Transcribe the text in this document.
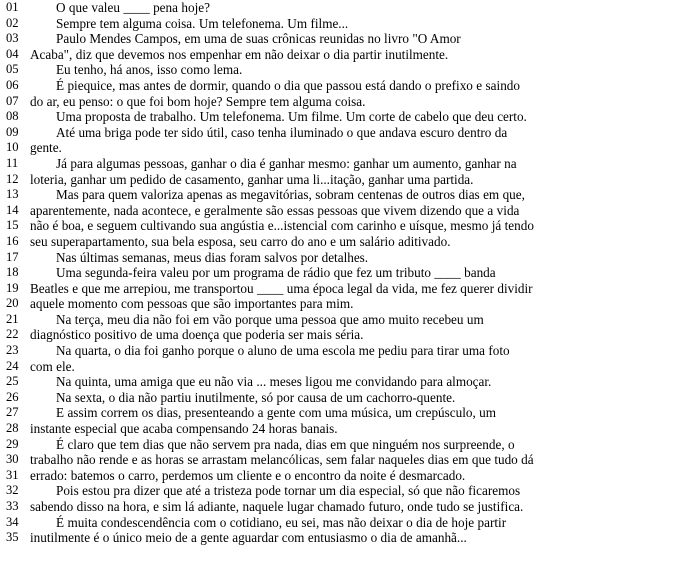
01	O que valeu ____ pena hoje?
02	Sempre tem alguma coisa. Um telefonema. Um filme...
03	Paulo Mendes Campos, em uma de suas crônicas reunidas no livro "O Amor
04 Acaba", diz que devemos nos empenhar em não deixar o dia partir inutilmente.
05	Eu tenho, há anos, isso como lema.
06	É piequice, mas antes de dormir, quando o dia que passou está dando o prefixo e saindo
07 do ar, eu penso: o que foi bom hoje? Sempre tem alguma coisa.
08	Uma proposta de trabalho. Um telefonema. Um filme. Um corte de cabelo que deu certo.
09	Até uma briga pode ter sido útil, caso tenha iluminado o que andava escuro dentro da
10 gente.
11	Já para algumas pessoas, ganhar o dia é ganhar mesmo: ganhar um aumento, ganhar na
12 loteria, ganhar um pedido de casamento, ganhar uma li...itação, ganhar uma partida.
13	Mas para quem valoriza apenas as megavitórias, sobram centenas de outros dias em que,
14 aparentemente, nada acontece, e geralmente são essas pessoas que vivem dizendo que a vida
15 não é boa, e seguem cultivando sua angústia e...istencial com carinho e uísque, mesmo já tendo
16 seu superapartamento, sua bela esposa, seu carro do ano e um salário aditivado.
17	Nas últimas semanas, meus dias foram salvos por detalhes.
18	Uma segunda-feira valeu por um programa de rádio que fez um tributo ____ banda
19 Beatles e que me arrepiou, me transportou ____ uma época legal da vida, me fez querer dividir
20 aquele momento com pessoas que são importantes para mim.
21	Na terça, meu dia não foi em vão porque uma pessoa que amo muito recebeu um
22 diagnóstico positivo de uma doença que poderia ser mais séria.
23	Na quarta, o dia foi ganho porque o aluno de uma escola me pediu para tirar uma foto
24 com ele.
25	Na quinta, uma amiga que eu não via ... meses ligou me convidando para almoçar.
26	Na sexta, o dia não partiu inutilmente, só por causa de um cachorro-quente.
27	E assim correm os dias, presenteando a gente com uma música, um crepúsculo, um
28 instante especial que acaba compensando 24 horas banais.
29	É claro que tem dias que não servem pra nada, dias em que ninguém nos surpreende, o
30 trabalho não rende e as horas se arrastam melancólicas, sem falar naqueles dias em que tudo dá
31 errado: batemos o carro, perdemos um cliente e o encontro da noite é desmarcado.
32	Pois estou pra dizer que até a tristeza pode tornar um dia especial, só que não ficaremos
33 sabendo disso na hora, e sim lá adiante, naquele lugar chamado futuro, onde tudo se justifica.
34	É muita condescendência com o cotidiano, eu sei, mas não deixar o dia de hoje partir
35 inutilmente é o único meio de a gente aguardar com entusiasmo o dia de amanhã...
